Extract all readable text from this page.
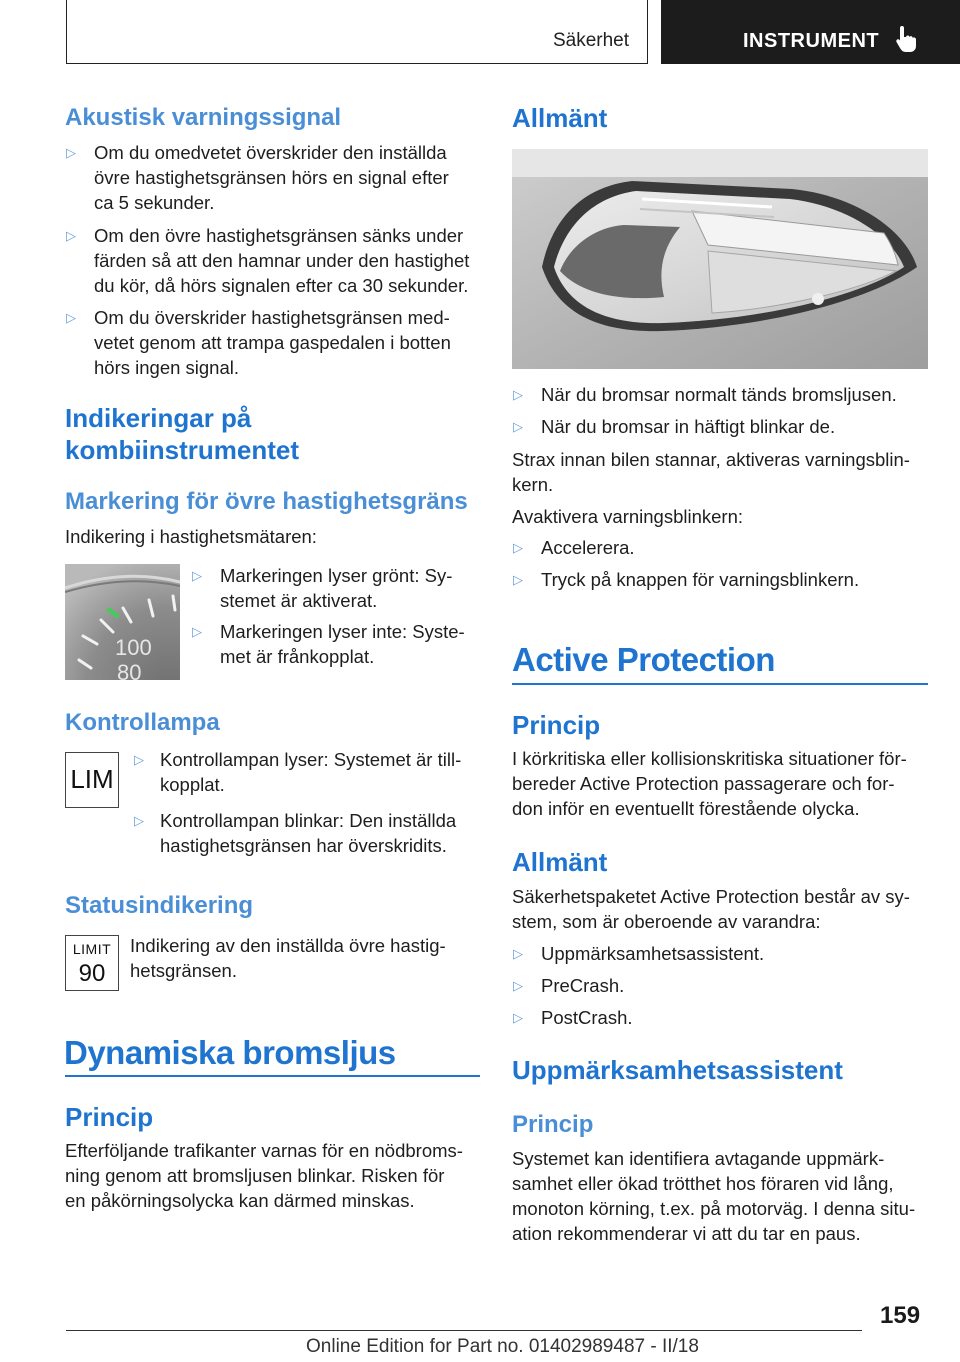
Säkerhet	INSTRUMENT
Akustisk varningssignal
▷ Om du omedvetet överskrider den inställda
övre hastighetsgränsen hörs en signal efter
ca 5 sekunder.
▷ Om den övre hastighetsgränsen sänks under
färden så att den hamnar under den hastighet
du kör, då hörs signalen efter ca 30 sekunder.
▷ Om du överskrider hastighetsgränsen med-
vetet genom att trampa gaspedalen i botten
hörs ingen signal.
Indikeringar på
kombiinstrumentet
Markering för övre hastighetsgräns
Indikering i hastighetsmätaren:
100
80
▷ Markeringen lyser grönt: Sy-
stemet är aktiverat.
▷ Markeringen lyser inte: Syste-
met är frånkopplat.
Kontrollampa
LIM
▷ Kontrollampan lyser: Systemet är till-
kopplat.
▷ Kontrollampan blinkar: Den inställda
hastighetsgränsen har överskridits.
Statusindikering
LIMIT
90
Indikering av den inställda övre hastig-
hetsgränsen.
Dynamiska bromsljus
Princip
Efterföljande trafikanter varnas för en nödbroms-
ning genom att bromsljusen blinkar. Risken för
en påkörningsolycka kan därmed minskas.
Allmänt
▷ När du bromsar normalt tänds bromsljusen.
▷ När du bromsar in häftigt blinkar de.
Strax innan bilen stannar, aktiveras varningsblin-
kern.
Avaktivera varningsblinkern:
▷ Accelerera.
▷ Tryck på knappen för varningsblinkern.
Active Protection
Princip
I körkritiska eller kollisionskritiska situationer för-
bereder Active Protection passagerare och for-
don inför en eventuellt förestående olycka.
Allmänt
Säkerhetspaketet Active Protection består av sy-
stem, som är oberoende av varandra:
▷ Uppmärksamhetsassistent.
▷ PreCrash.
▷ PostCrash.
Uppmärksamhetsassistent
Princip
Systemet kan identifiera avtagande uppmärk-
samhet eller ökad trötthet hos föraren vid lång,
monoton körning, t.ex. på motorväg. I denna situ-
ation rekommenderar vi att du tar en paus.
159
Online Edition for Part no. 01402989487 - II/18
